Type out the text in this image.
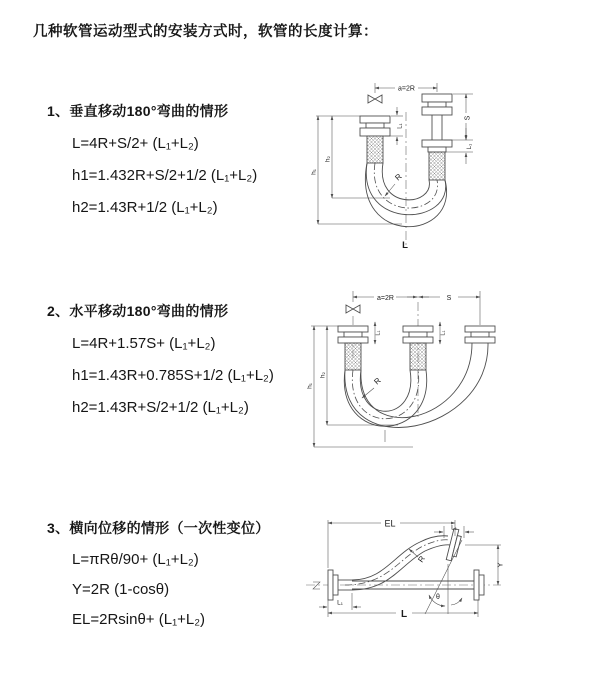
几种软管运动型式的安装方式时，软管的长度计算：
1、垂直移动180°弯曲的情形
L=4R+S/2+ (L₁+L₂)
h1=1.432R+S/2+1/2 (L₁+L₂)
h2=1.43R+1/2 (L₁+L₂)
2、水平移动180°弯曲的情形
L=4R+1.57S+ (L₁+L₂)
h1=1.43R+0.785S+1/2 (L₁+L₂)
h2=1.43R+S/2+1/2 (L₁+L₂)
3、横向位移的情形（一次性变位）
L=πRθ/90+ (L₁+L₂)
Y=2R (1-cosθ)
EL=2Rsinθ+ (L₁+L₂)
a=2R
R
L
h₁
h₂
L₁
S
L₁
a=2R	S
R
h₁
h₂
L₁	L₁
EL	L₁
Y
θ
R
L
L₁
